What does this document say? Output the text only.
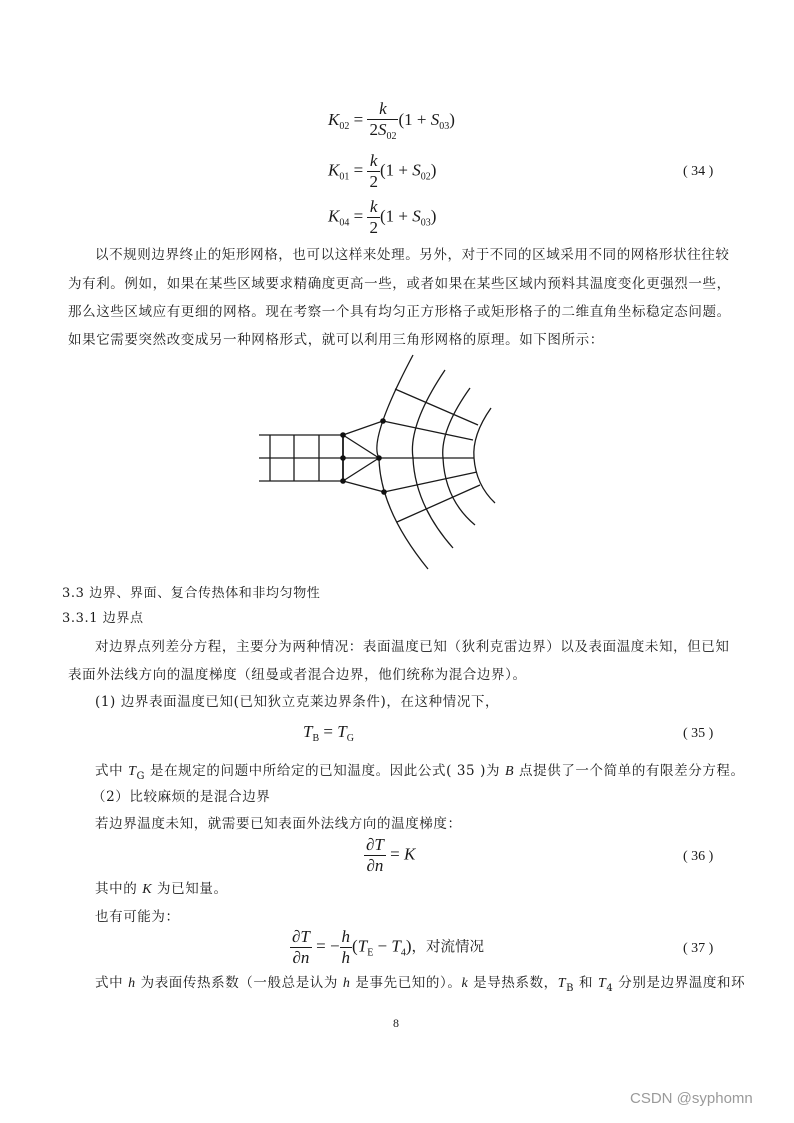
$K_{02} = \frac{k}{2S_{02}} (1 + S_{03})$
$K_{01} = \frac{k}{2} (1 + S_{02})$
$K_{04} = \frac{k}{2} (1 + S_{03})$
( 34 )
以不规则边界终止的矩形网格，也可以这样来处理。另外，对于不同的区域采用不同的网格形状往往较
为有利。例如，如果在某些区域要求精确度更高一些，或者如果在某些区域内预料其温度变化更强烈一些，
那么这些区域应有更细的网格。现在考察一个具有均匀正方形格子或矩形格子的二维直角坐标稳定态问题。
如果它需要突然改变成另一种网格形式，就可以利用三角形网格的原理。如下图所示：
3.3 边界、界面、复合传热体和非均匀物性
3.3.1 边界点
对边界点列差分方程，主要分为两种情况：表面温度已知（狄利克雷边界）以及表面温度未知，但已知
表面外法线方向的温度梯度（纽曼或者混合边界，他们统称为混合边界）。
(1) 边界表面温度已知(已知狄立克莱边界条件)，在这种情况下，
$T_B = T_G$	( 35 )
式中 $T_G$ 是在规定的问题中所给定的已知温度。因此公式( 35 )为 B 点提供了一个简单的有限差分方程。
（2）比较麻烦的是混合边界
若边界温度未知，就需要已知表面外法线方向的温度梯度：
$\frac{\partial T}{\partial n} = K$	( 36 )
其中的 K 为已知量。
也有可能为：
$\frac{\partial T}{\partial n}$ = − $\frac{h}{h} (T_E - T_4)$，对流情况	( 37 )
式中 h 为表面传热系数（一般总是认为 h 是事先已知的）。k 是导热系数，$T_B$ 和 $T_4$ 分别是边界温度和环
8
CSDN @syphomn
